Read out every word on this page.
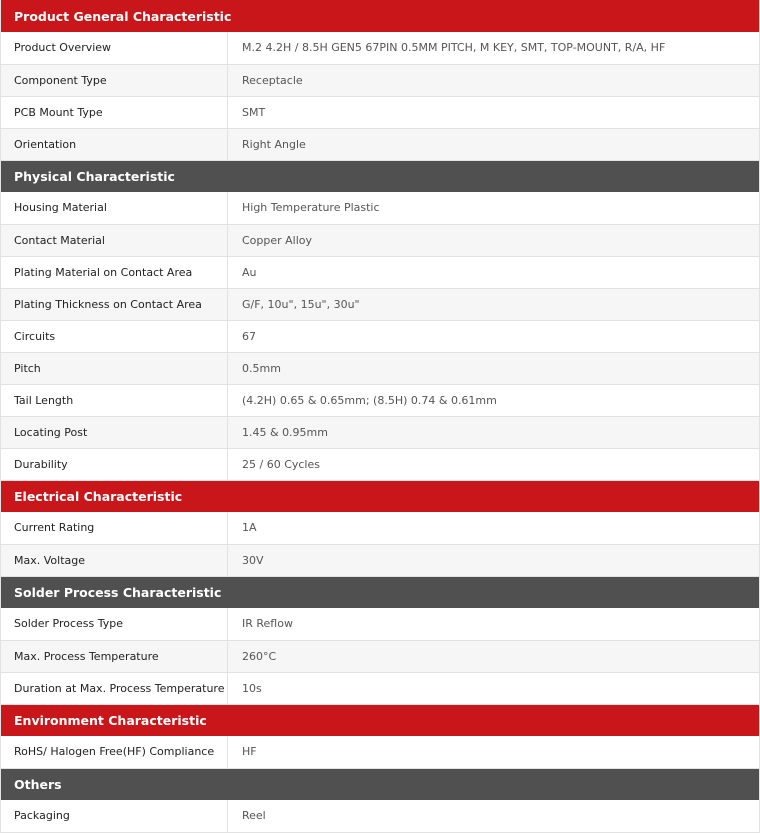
Product General Characteristic	
Product Overview	M.2 4.2H / 8.5H GEN5 67PIN 0.5MM PITCH, M KEY, SMT, TOP-MOUNT, R/A, HF
Component Type	Receptacle
PCB Mount Type	SMT
Orientation	Right Angle
Physical Characteristic	
Housing Material	High Temperature Plastic
Contact Material	Copper Alloy
Plating Material on Contact Area	Au
Plating Thickness on Contact Area	G/F, 10u", 15u", 30u"
Circuits	67
Pitch	0.5mm
Tail Length	(4.2H) 0.65 & 0.65mm; (8.5H) 0.74 & 0.61mm
Locating Post	1.45 & 0.95mm
Durability	25 / 60 Cycles
Electrical Characteristic	
Current Rating	1A
Max. Voltage	30V
Solder Process Characteristic	
Solder Process Type	IR Reflow
Max. Process Temperature	260°C
Duration at Max. Process Temperature	10s
Environment Characteristic	
RoHS/ Halogen Free(HF) Compliance	HF
Others	
Packaging	Reel
